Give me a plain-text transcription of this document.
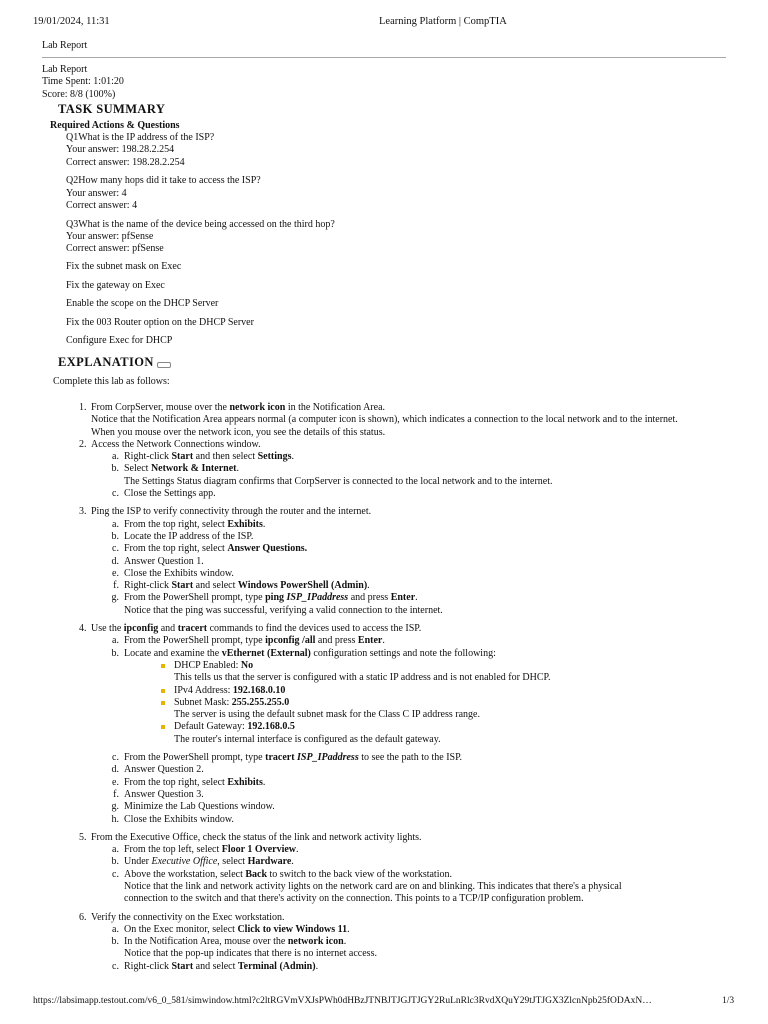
19/01/2024, 11:31	Learning Platform | CompTIA
Lab Report
Lab Report
Time Spent: 1:01:20
Score: 8/8 (100%)
TASK SUMMARY
Required Actions & Questions

Q1What is the IP address of the ISP?

Your answer: 198.28.2.254

Correct answer: 198.28.2.254

Q2How many hops did it take to access the ISP?

Your answer: 4

Correct answer: 4

Q3What is the name of the device being accessed on the third hop?

Your answer: pfSense

Correct answer: pfSense

Fix the subnet mask on Exec
Fix the gateway on Exec
Enable the scope on the DHCP Server
Fix the 003 Router option on the DHCP Server
Configure Exec for DHCP
EXPLANATION
Complete this lab as follows:
1. From CorpServer, mouse over the network icon in the Notification Area.
Notice that the Notification Area appears normal (a computer icon is shown), which indicates a connection to the local network and to the internet.
When you mouse over the network icon, you see the details of this status.
2. Access the Network Connections window.
a. Right-click Start and then select Settings.
b. Select Network & Internet.
The Settings Status diagram confirms that CorpServer is connected to the local network and to the internet.
c. Close the Settings app.
3. Ping the ISP to verify connectivity through the router and the internet.
a. From the top right, select Exhibits.
b. Locate the IP address of the ISP.
c. From the top right, select Answer Questions.
d. Answer Question 1.
e. Close the Exhibits window.
f. Right-click Start and select Windows PowerShell (Admin).
g. From the PowerShell prompt, type ping ISP_IPaddress and press Enter.
Notice that the ping was successful, verifying a valid connection to the internet.
4. Use the ipconfig and tracert commands to find the devices used to access the ISP.
a. From the PowerShell prompt, type ipconfig /all and press Enter.
b. Locate and examine the vEthernet (External) configuration settings and note the following:
DHCP Enabled: No
This tells us that the server is configured with a static IP address and is not enabled for DHCP.
IPv4 Address: 192.168.0.10
Subnet Mask: 255.255.255.0
The server is using the default subnet mask for the Class C IP address range.
Default Gateway: 192.168.0.5
The router's internal interface is configured as the default gateway.
c. From the PowerShell prompt, type tracert ISP_IPaddress to see the path to the ISP.
d. Answer Question 2.
e. From the top right, select Exhibits.
f. Answer Question 3.
g. Minimize the Lab Questions window.
h. Close the Exhibits window.
5. From the Executive Office, check the status of the link and network activity lights.
a. From the top left, select Floor 1 Overview.
b. Under Executive Office, select Hardware.
c. Above the workstation, select Back to switch to the back view of the workstation.
Notice that the link and network activity lights on the network card are on and blinking. This indicates that there's a physical
connection to the switch and that there's activity on the connection. This points to a TCP/IP configuration problem.
6. Verify the connectivity on the Exec workstation.
a. On the Exec monitor, select Click to view Windows 11.
b. In the Notification Area, mouse over the network icon.
Notice that the pop-up indicates that there is no internet access.
c. Right-click Start and select Terminal (Admin).
https://labsimapp.testout.com/v6_0_581/simwindow.html?c2ltRGVmVXJsPWh0dHBzJTNBJTJGJTJGY2RuLnRlc3RvdXQuY29tJTJGX3ZlcnNpb25fODAxN…	1/3
